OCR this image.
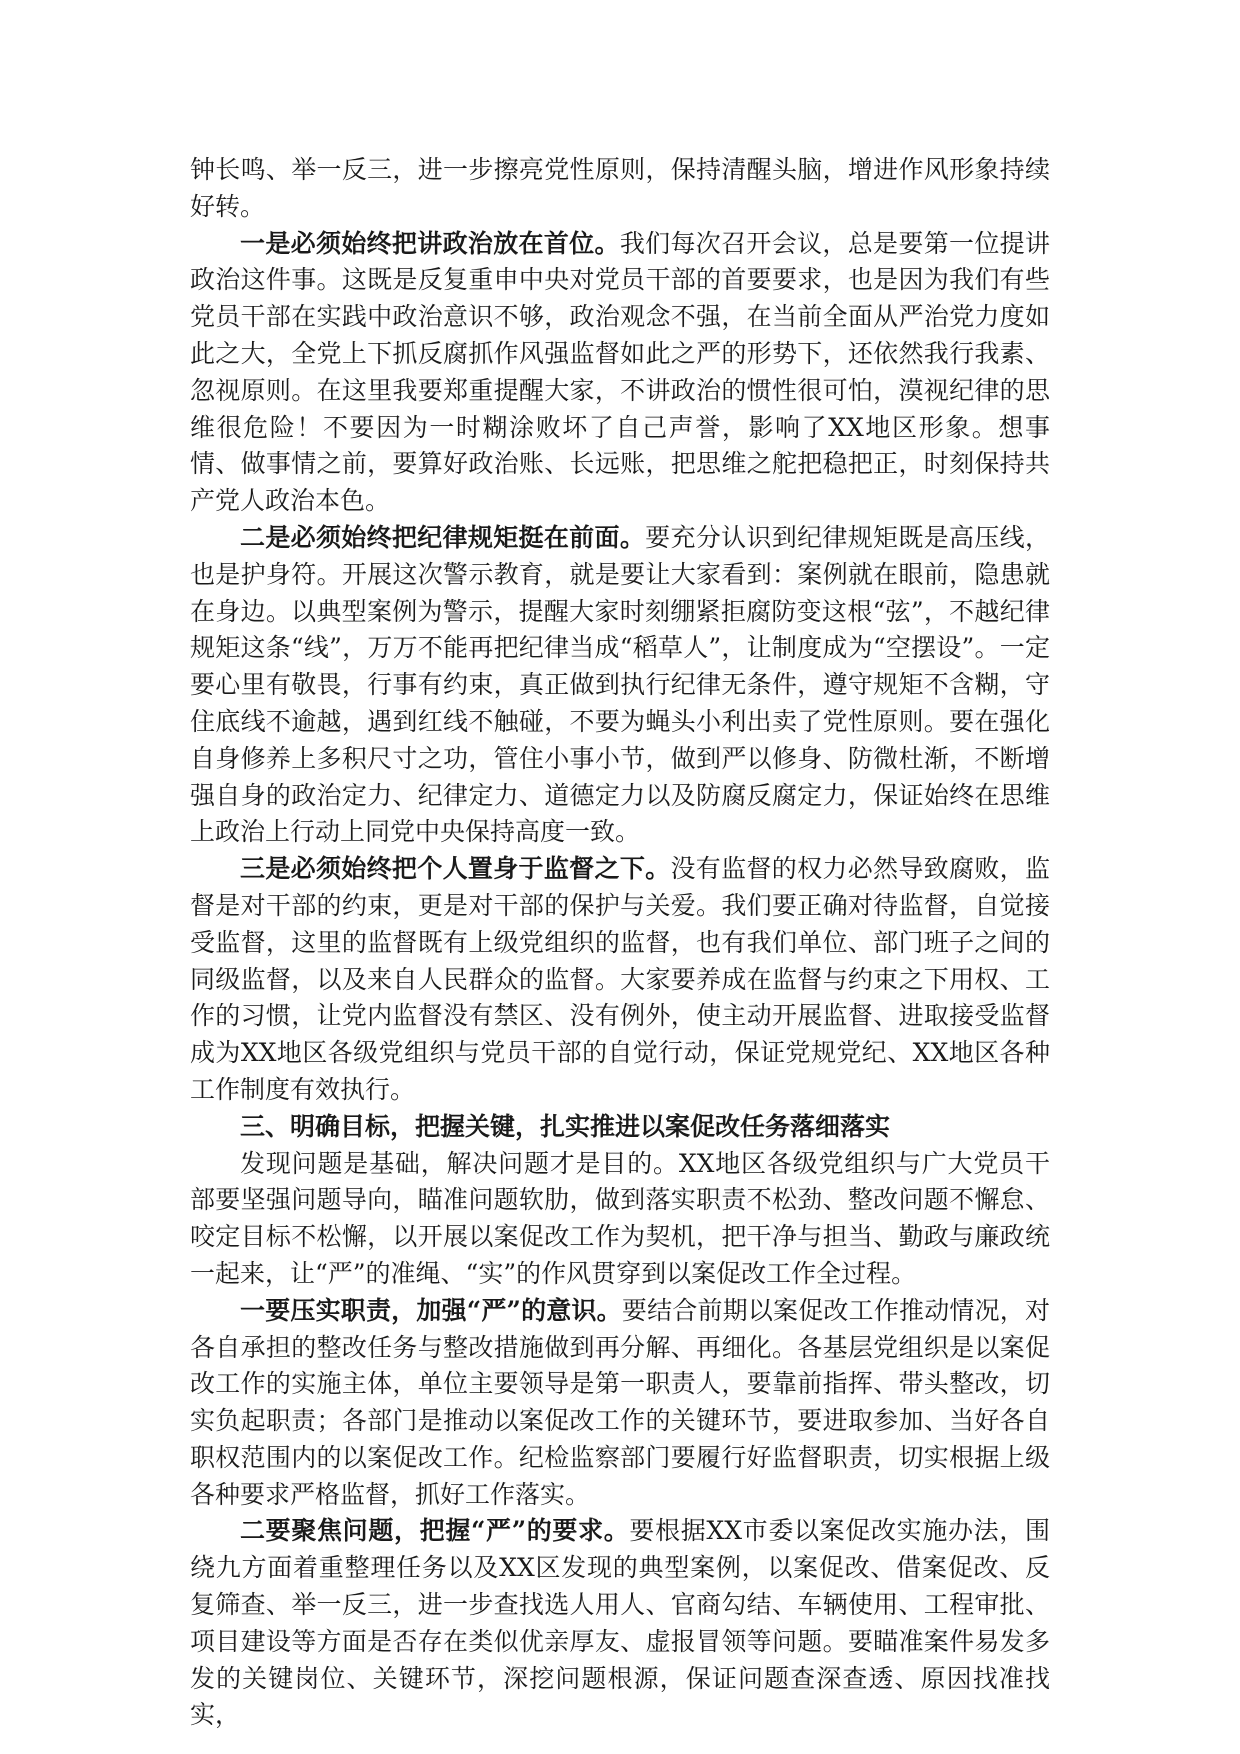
钟长鸣、举一反三，进一步擦亮党性原则，保持清醒头脑，增进作风形象持续好转。

一是必须始终把讲政治放在首位。我们每次召开会议，总是要第一位提讲政治这件事。这既是反复重申中央对党员干部的首要要求，也是因为我们有些党员干部在实践中政治意识不够，政治观念不强，在当前全面从严治党力度如此之大，全党上下抓反腐抓作风强监督如此之严的形势下，还依然我行我素、忽视原则。在这里我要郑重提醒大家，不讲政治的惯性很可怕，漠视纪律的思维很危险！不要因为一时糊涂败坏了自己声誉，影响了XX地区形象。想事情、做事情之前，要算好政治账、长远账，把思维之舵把稳把正，时刻保持共产党人政治本色。

二是必须始终把纪律规矩挺在前面。要充分认识到纪律规矩既是高压线，也是护身符。开展这次警示教育，就是要让大家看到：案例就在眼前，隐患就在身边。以典型案例为警示，提醒大家时刻绷紧拒腐防变这根“弦”，不越纪律规矩这条“线”，万万不能再把纪律当成“稻草人”，让制度成为“空摆设”。一定要心里有敬畏，行事有约束，真正做到执行纪律无条件，遵守规矩不含糊，守住底线不逾越，遇到红线不触碰，不要为蝇头小利出卖了党性原则。要在强化自身修养上多积尺寸之功，管住小事小节，做到严以修身、防微杜渐，不断增强自身的政治定力、纪律定力、道德定力以及防腐反腐定力，保证始终在思维上政治上行动上同党中央保持高度一致。

三是必须始终把个人置身于监督之下。没有监督的权力必然导致腐败，监督是对干部的约束，更是对干部的保护与关爱。我们要正确对待监督，自觉接受监督，这里的监督既有上级党组织的监督，也有我们单位、部门班子之间的同级监督，以及来自人民群众的监督。大家要养成在监督与约束之下用权、工作的习惯，让党内监督没有禁区、没有例外，使主动开展监督、进取接受监督成为XX地区各级党组织与党员干部的自觉行动，保证党规党纪、XX地区各种工作制度有效执行。

三、明确目标，把握关键，扎实推进以案促改任务落细落实

发现问题是基础，解决问题才是目的。XX地区各级党组织与广大党员干部要坚强问题导向，瞄准问题软肋，做到落实职责不松劲、整改问题不懈怠、咬定目标不松懈，以开展以案促改工作为契机，把干净与担当、勤政与廉政统一起来，让“严”的准绳、“实”的作风贯穿到以案促改工作全过程。

一要压实职责，加强“严”的意识。要结合前期以案促改工作推动情况，对各自承担的整改任务与整改措施做到再分解、再细化。各基层党组织是以案促改工作的实施主体，单位主要领导是第一职责人，要靠前指挥、带头整改，切实负起职责；各部门是推动以案促改工作的关键环节，要进取参加、当好各自职权范围内的以案促改工作。纪检监察部门要履行好监督职责，切实根据上级各种要求严格监督，抓好工作落实。

二要聚焦问题，把握“严”的要求。要根据XX市委以案促改实施办法，围绕九方面着重整理任务以及XX区发现的典型案例，以案促改、借案促改、反复筛查、举一反三，进一步查找选人用人、官商勾结、车辆使用、工程审批、项目建设等方面是否存在类似优亲厚友、虚报冒领等问题。要瞄准案件易发多发的关键岗位、关键环节，深挖问题根源，保证问题查深查透、原因找准找实，
